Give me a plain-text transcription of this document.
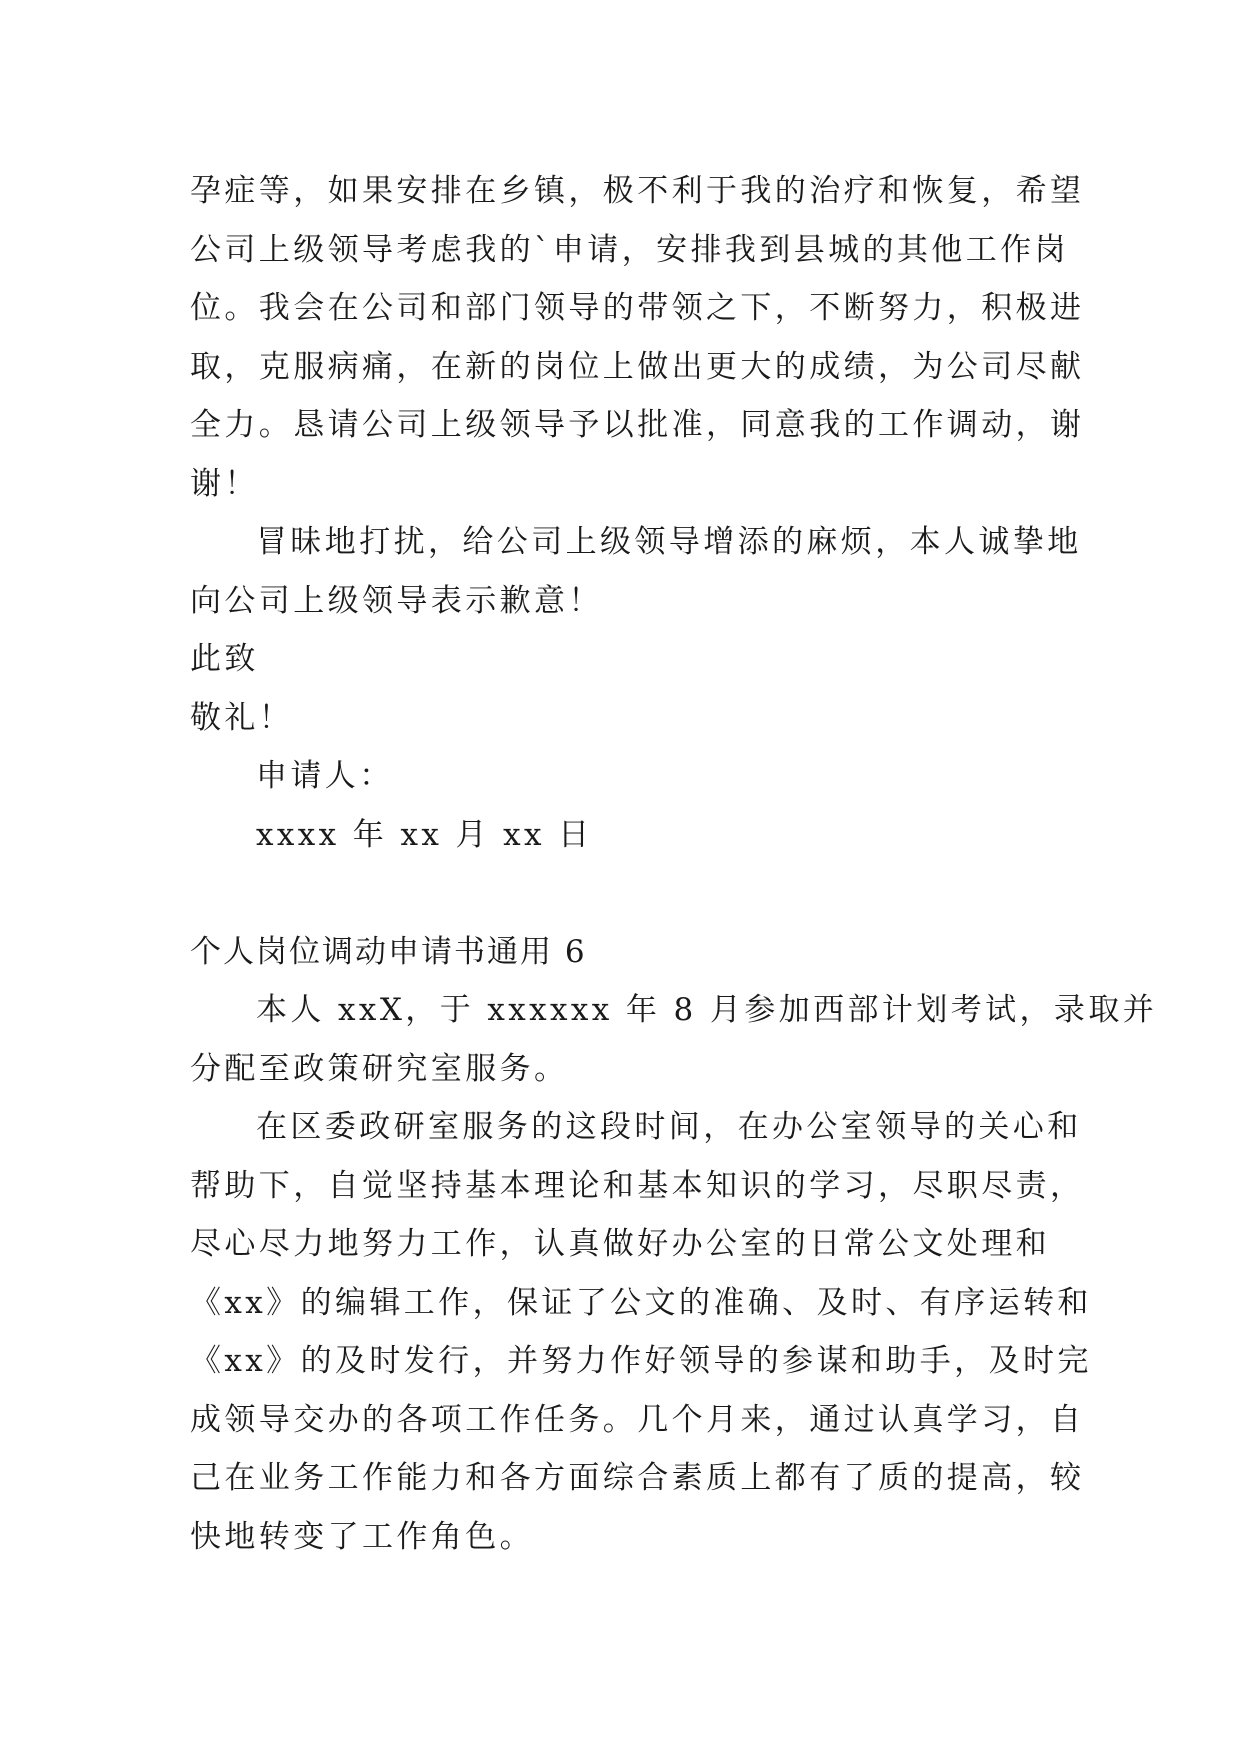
孕症等，如果安排在乡镇，极不利于我的治疗和恢复，希望
公司上级领导考虑我的`申请，安排我到县城的其他工作岗
位。我会在公司和部门领导的带领之下，不断努力，积极进
取，克服病痛，在新的岗位上做出更大的成绩，为公司尽献
全力。恳请公司上级领导予以批准，同意我的工作调动，谢
谢！
冒昧地打扰，给公司上级领导增添的麻烦，本人诚挚地
向公司上级领导表示歉意！
此致
敬礼！
申请人：
xxxx 年 xx 月 xx 日
个人岗位调动申请书通用 6
本人 xxX，于 xxxxxx 年 8 月参加西部计划考试，录取并
分配至政策研究室服务。
在区委政研室服务的这段时间，在办公室领导的关心和
帮助下，自觉坚持基本理论和基本知识的学习，尽职尽责，
尽心尽力地努力工作，认真做好办公室的日常公文处理和
《xx》的编辑工作，保证了公文的准确、及时、有序运转和
《xx》的及时发行，并努力作好领导的参谋和助手，及时完
成领导交办的各项工作任务。几个月来，通过认真学习，自
己在业务工作能力和各方面综合素质上都有了质的提高，较
快地转变了工作角色。
